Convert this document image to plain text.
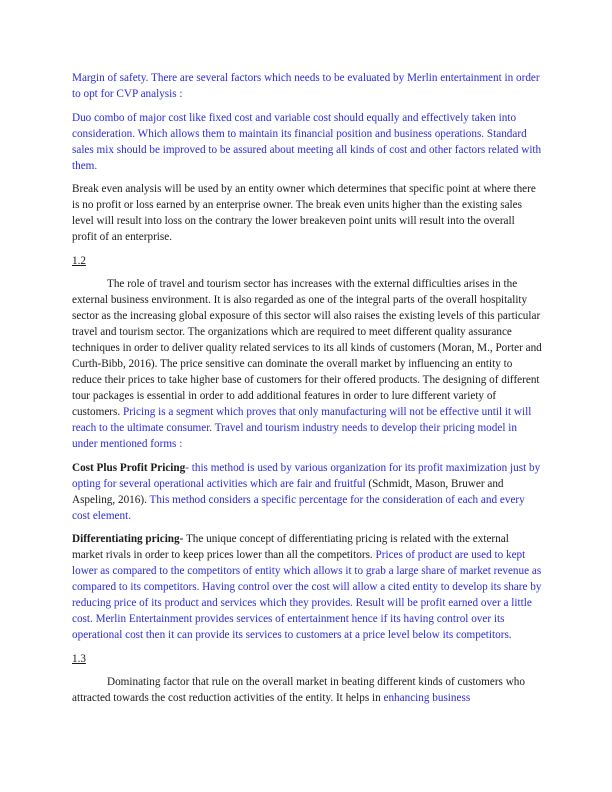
Margin of safety. There are several factors which needs to be evaluated by Merlin entertainment in order to opt for CVP analysis :

Duo combo of major cost like fixed cost and variable cost should equally and effectively taken into consideration. Which allows them to maintain its financial position and business operations. Standard sales mix should be improved to be assured about meeting all kinds of cost and other factors related with them.

Break even analysis will be used by an entity owner which determines that specific point at where there is no profit or loss earned by an enterprise owner. The break even units higher than the existing sales level will result into loss on the contrary the lower breakeven point units will result into the overall profit of an enterprise.

1.2

The role of travel and tourism sector has increases with the external difficulties arises in the external business environment. It is also regarded as one of the integral parts of the overall hospitality sector as the increasing global exposure of this sector will also raises the existing levels of this particular travel and tourism sector. The organizations which are required to meet different quality assurance techniques in order to deliver quality related services to its all kinds of customers (Moran, M., Porter and Curth-Bibb, 2016). The price sensitive can dominate the overall market by influencing an entity to reduce their prices to take higher base of customers for their offered products. The designing of different tour packages is essential in order to add additional features in order to lure different variety of customers. Pricing is a segment which proves that only manufacturing will not be effective until it will reach to the ultimate consumer. Travel and tourism industry needs to develop their pricing model in under mentioned forms :

Cost Plus Profit Pricing- this method is used by various organization for its profit maximization just by opting for several operational activities which are fair and fruitful (Schmidt, Mason, Bruwer and Aspeling, 2016). This method considers a specific percentage for the consideration of each and every cost element.

Differentiating pricing- The unique concept of differentiating pricing is related with the external market rivals in order to keep prices lower than all the competitors. Prices of product are used to kept lower as compared to the competitors of entity which allows it to grab a large share of market revenue as compared to its competitors. Having control over the cost will allow a cited entity to develop its share by reducing price of its product and services which they provides. Result will be profit earned over a little cost. Merlin Entertainment provides services of entertainment hence if its having control over its operational cost then it can provide its services to customers at a price level below its competitors.

1.3

Dominating factor that rule on the overall market in beating different kinds of customers who attracted towards the cost reduction activities of the entity. It helps in enhancing business
